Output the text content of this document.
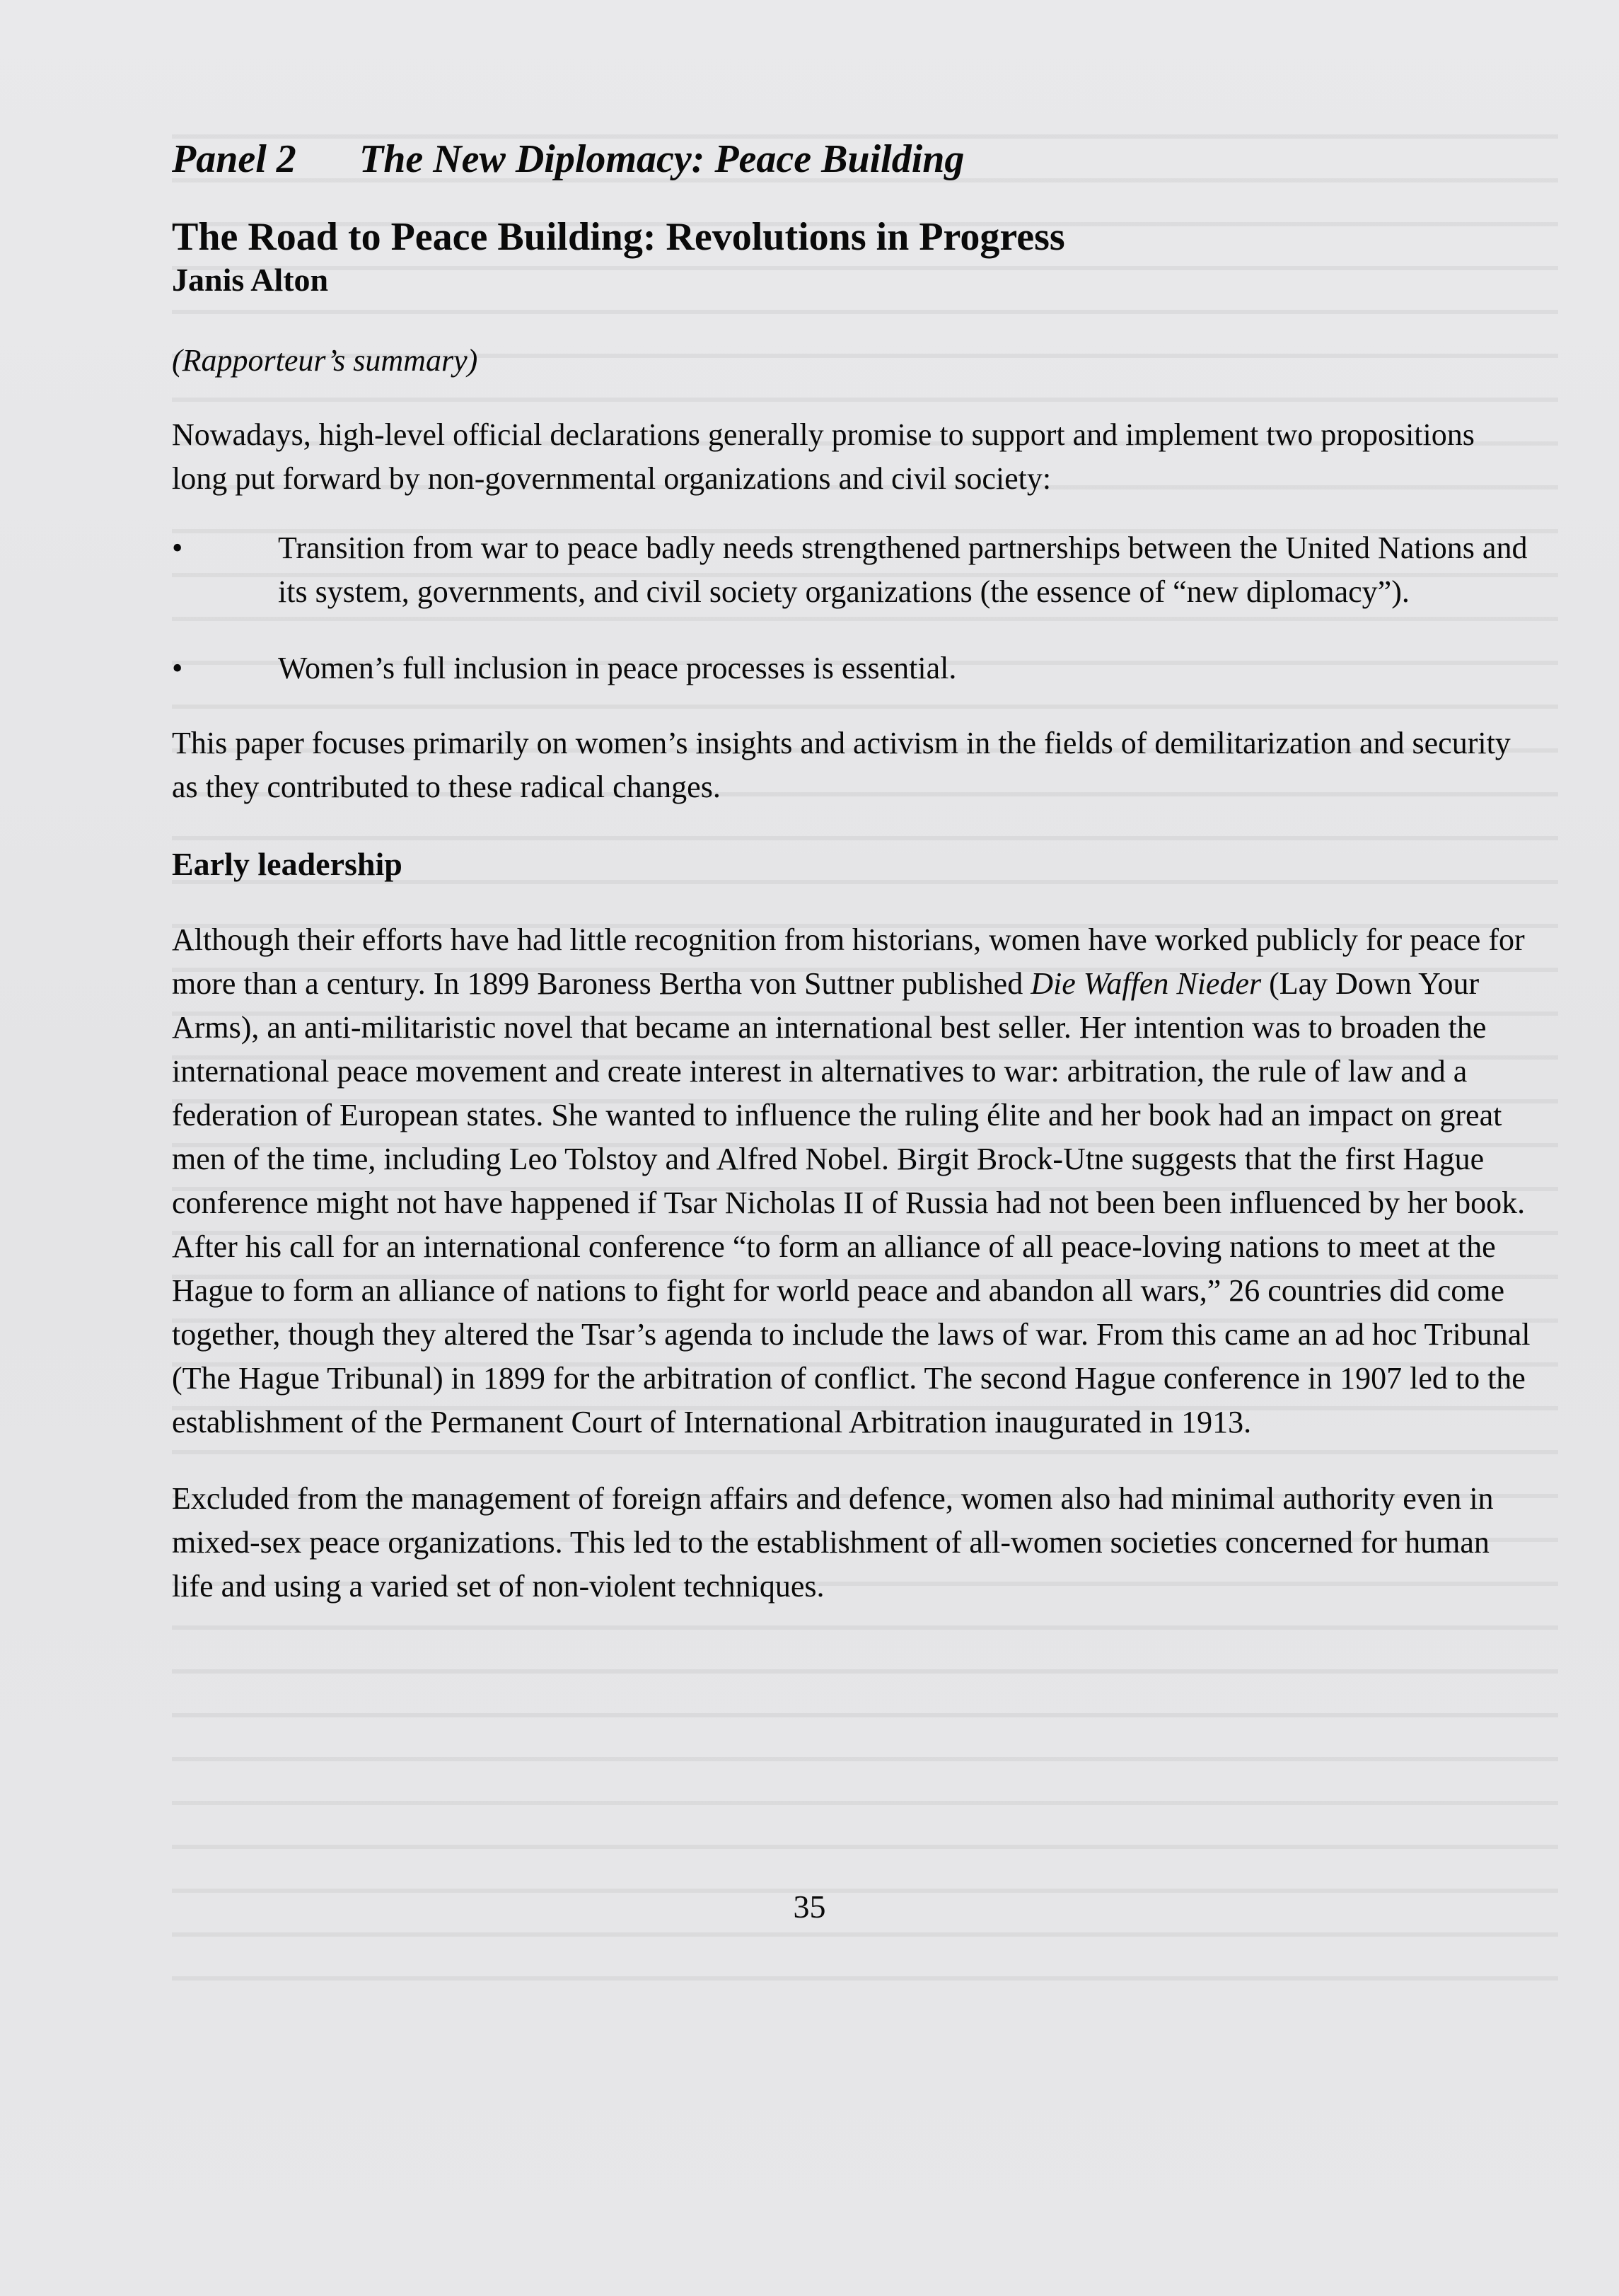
Panel 2 The New Diplomacy: Peace Building
The Road to Peace Building: Revolutions in Progress
Janis Alton
(Rapporteur’s summary)

Nowadays, high-level official declarations generally promise to support and implement two propositions long put forward by non-governmental organizations and civil society:

•	Transition from war to peace badly needs strengthened partnerships between the United Nations and its system, governments, and civil society organizations (the essence of “new diplomacy”).
•	Women’s full inclusion in peace processes is essential.

This paper focuses primarily on women’s insights and activism in the fields of demilitarization and security as they contributed to these radical changes.

Early leadership

Although their efforts have had little recognition from historians, women have worked publicly for peace for more than a century. In 1899 Baroness Bertha von Suttner published Die Waffen Nieder (Lay Down Your Arms), an anti-militaristic novel that became an international best seller. Her intention was to broaden the international peace movement and create interest in alternatives to war: arbitration, the rule of law and a federation of European states. She wanted to influence the ruling élite and her book had an impact on great men of the time, including Leo Tolstoy and Alfred Nobel. Birgit Brock-Utne suggests that the first Hague conference might not have happened if Tsar Nicholas II of Russia had not been been influenced by her book. After his call for an international conference “to form an alliance of all peace-loving nations to meet at the Hague to form an alliance of nations to fight for world peace and abandon all wars,” 26 countries did come together, though they altered the Tsar’s agenda to include the laws of war. From this came an ad hoc Tribunal (The Hague Tribunal) in 1899 for the arbitration of conflict. The second Hague conference in 1907 led to the establishment of the Permanent Court of International Arbitration inaugurated in 1913.

Excluded from the management of foreign affairs and defence, women also had minimal authority even in mixed-sex peace organizations. This led to the establishment of all-women societies concerned for human life and using a varied set of non-violent techniques.

35
